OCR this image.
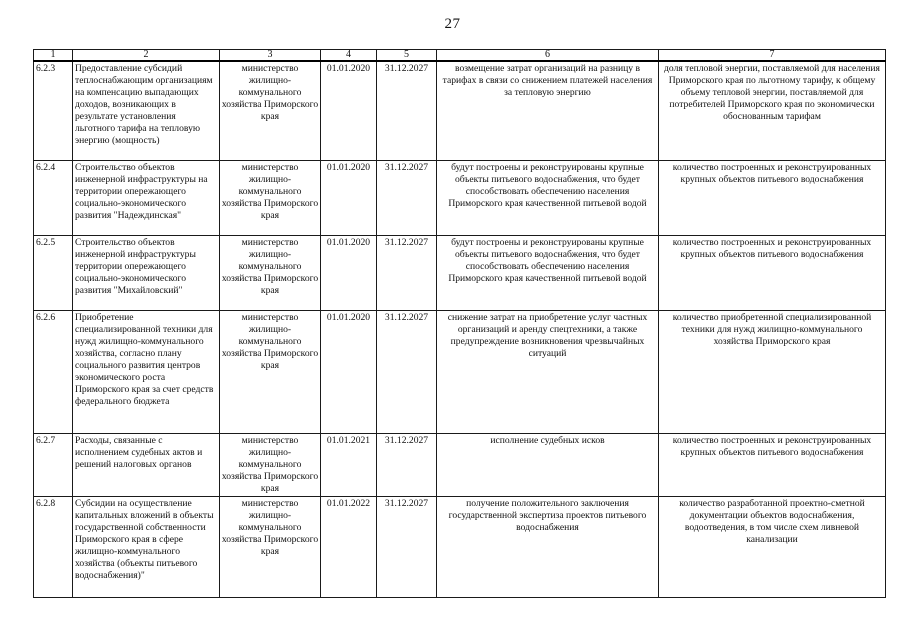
27
1	2	3	4	5	6	7
6.2.3	Предоставление субсидий теплоснабжающим организациям на компенсацию выпадающих доходов, возникающих в результате установления льготного тарифа на тепловую энергию (мощность)	министерство жилищно-коммунального хозяйства Приморского края	01.01.2020	31.12.2027	возмещение затрат организаций на разницу в тарифах в связи со снижением платежей населения за тепловую энергию	доля тепловой энергии, поставляемой для населения Приморского края по льготному тарифу, к общему объему тепловой энергии, поставляемой для потребителей Приморского края по экономически обоснованным тарифам
6.2.4	Строительство объектов инженерной инфраструктуры на территории опережающего социально-экономического развития "Надеждинская"	министерство жилищно-коммунального хозяйства Приморского края	01.01.2020	31.12.2027	будут построены и реконструированы крупные объекты питьевого водоснабжения, что будет способствовать обеспечению населения Приморского края качественной питьевой водой	количество построенных и реконструированных крупных объектов питьевого водоснабжения
6.2.5	Строительство объектов инженерной инфраструктуры территории опережающего социально-экономического развития "Михайловский"	министерство жилищно-коммунального хозяйства Приморского края	01.01.2020	31.12.2027	будут построены и реконструированы крупные объекты питьевого водоснабжения, что будет способствовать обеспечению населения Приморского края качественной питьевой водой	количество построенных и реконструированных крупных объектов питьевого водоснабжения
6.2.6	Приобретение специализированной техники для нужд жилищно-коммунального хозяйства, согласно плану социального развития центров экономического роста Приморского края за счет средств федерального бюджета	министерство жилищно-коммунального хозяйства Приморского края	01.01.2020	31.12.2027	снижение затрат на приобретение услуг частных организаций и аренду спецтехники, а также предупреждение возникновения чрезвычайных ситуаций	количество приобретенной специализированной техники для нужд жилищно-коммунального хозяйства Приморского края
6.2.7	Расходы, связанные с исполнением судебных актов и решений налоговых органов	министерство жилищно-коммунального хозяйства Приморского края	01.01.2021	31.12.2027	исполнение судебных исков	количество построенных и реконструированных крупных объектов питьевого водоснабжения
6.2.8	Субсидии на осуществление капитальных вложений в объекты государственной собственности Приморского края в сфере жилищно-коммунального хозяйства (объекты питьевого водоснабжения)"	министерство жилищно-коммунального хозяйства Приморского края	01.01.2022	31.12.2027	получение положительного заключения государственной экспертиза проектов питьевого водоснабжения	количество разработанной проектно-сметной документации объектов водоснабжения, водоотведения, в том числе схем ливневой канализации
